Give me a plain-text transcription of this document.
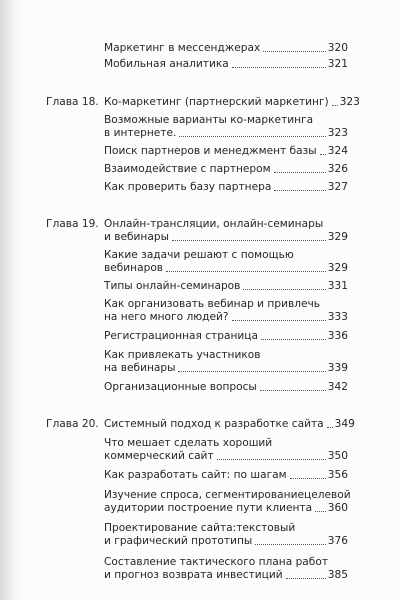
Маркетинг в мессенджерах	320
Мобильная аналитика	321
Глава 18. Ко-маркетинг (партнерский маркетинг) 323
Возможные варианты ко-маркетинга
в интернете.	323
Поиск партнеров и менеджмент базы 324
Взаимодействие с партнером	326
Как проверить базу партнера	327
Глава 19. Онлайн-трансляции, онлайн-семинары
и вебинары	329
Какие задачи решают с помощью
вебинаров	329
Типы онлайн-семинаров	331
Как организовать вебинар и привлечь
на него много людей?	333
Регистрационная страница	336
Как привлекать участников
на вебинары	339
Организационные вопросы	342
Глава 20. Системный подход к разработке сайта 349
Что мешает сделать хороший
коммерческий сайт	350
Как разработать сайт: по шагам	356
Изучение спроса, сегментированиецелевой
аудитории построение пути клиента 360
Проектирование сайта:текстовый
и графический прототипы	376
Составление тактического плана работ
и прогноз возврата инвестиций	385
